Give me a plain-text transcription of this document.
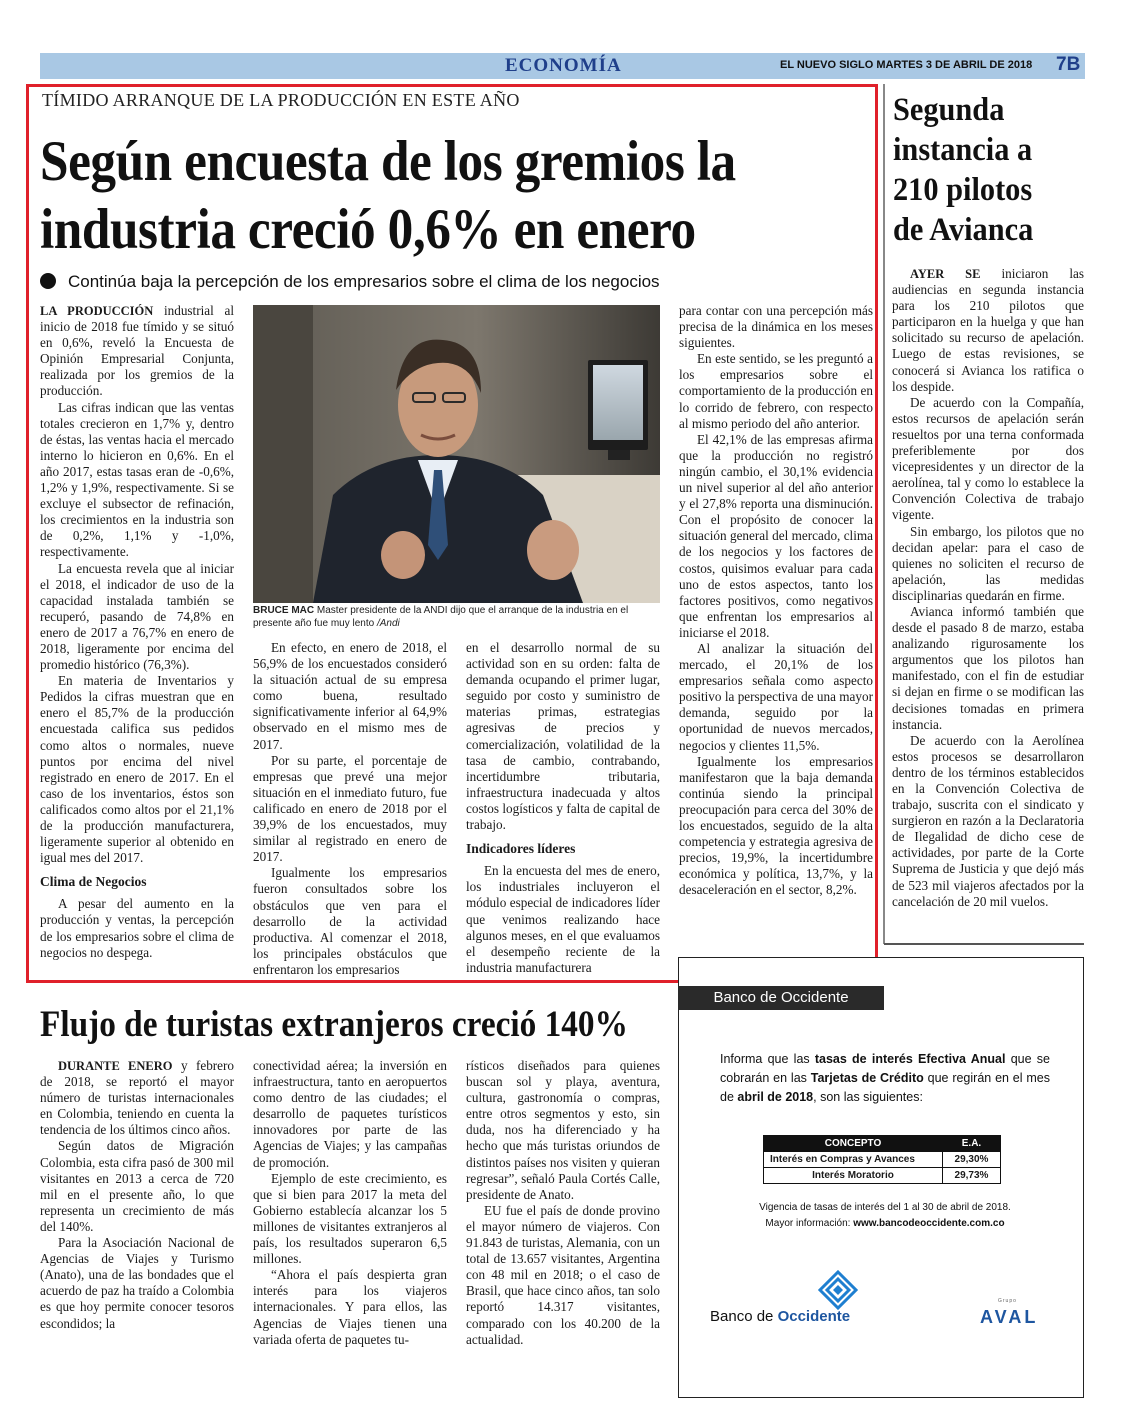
ECONOMÍA	EL NUEVO SIGLO MARTES 3 DE ABRIL DE 2018 7B
TÍMIDO ARRANQUE DE LA PRODUCCIÓN EN ESTE AÑO
Según encuesta de los gremios la
industria creció 0,6% en enero
Continúa baja la percepción de los empresarios sobre el clima de los negocios

LA PRODUCCIÓN industrial al inicio de 2018 fue tímido y se situó en 0,6%, reveló la Encuesta de Opinión Empresarial Conjunta, realizada por los gremios de la producción.

Las cifras indican que las ventas totales crecieron en 1,7% y, dentro de éstas, las ventas hacia el mercado interno lo hicieron en 0,6%. En el año 2017, estas tasas eran de -0,6%, 1,2% y 1,9%, respectivamente. Si se excluye el subsector de refinación, los crecimientos en la industria son de 0,2%, 1,1% y -1,0%, respectivamente.

La encuesta revela que al iniciar el 2018, el indicador de uso de la capacidad instalada también se recuperó, pasando de 74,8% en enero de 2017 a 76,7% en enero de 2018, ligeramente por encima del promedio histórico (76,3%).

En materia de Inventarios y Pedidos la cifras muestran que en enero el 85,7% de la producción encuestada califica sus pedidos como altos o normales, nueve puntos por encima del nivel registrado en enero de 2017. En el caso de los inventarios, éstos son calificados como altos por el 21,1% de la producción manufacturera, ligeramente superior al obtenido en igual mes del 2017.

Clima de Negocios

A pesar del aumento en la producción y ventas, la percepción de los empresarios sobre el clima de negocios no despega.

BRUCE MAC Master presidente de la ANDI dijo que el arranque de la industria en el presente año fue muy lento /Andi

En efecto, en enero de 2018, el 56,9% de los encuestados consideró la situación actual de su empresa como buena, resultado significativamente inferior al 64,9% observado en el mismo mes de 2017.

Por su parte, el porcentaje de empresas que prevé una mejor situación en el inmediato futuro, fue calificado en enero de 2018 por el 39,9% de los encuestados, muy similar al registrado en enero de 2017.

Igualmente los empresarios fueron consultados sobre los obstáculos que ven para el desarrollo de la actividad productiva. Al comenzar el 2018, los principales obstáculos que enfrentaron los empresarios

en el desarrollo normal de su actividad son en su orden: falta de demanda ocupando el primer lugar, seguido por costo y suministro de materias primas, estrategias agresivas de precios y comercialización, volatilidad de la tasa de cambio, contrabando, incertidumbre tributaria, infraestructura inadecuada y altos costos logísticos y falta de capital de trabajo.

Indicadores líderes

En la encuesta del mes de enero, los industriales incluyeron el módulo especial de indicadores líder que venimos realizando hace algunos meses, en el que evaluamos el desempeño reciente de la industria manufacturera

para contar con una percepción más precisa de la dinámica en los meses siguientes.

En este sentido, se les preguntó a los empresarios sobre el comportamiento de la producción en lo corrido de febrero, con respecto al mismo periodo del año anterior.

El 42,1% de las empresas afirma que la producción no registró ningún cambio, el 30,1% evidencia un nivel superior al del año anterior y el 27,8% reporta una disminución. Con el propósito de conocer la situación general del mercado, clima de los negocios y los factores de costos, quisimos evaluar para cada uno de estos aspectos, tanto los factores positivos, como negativos que enfrentan los empresarios al iniciarse el 2018.

Al analizar la situación del mercado, el 20,1% de los empresarios señala como aspecto positivo la perspectiva de una mayor demanda, seguido por la oportunidad de nuevos mercados, negocios y clientes 11,5%.

Igualmente los empresarios manifestaron que la baja demanda continúa siendo la principal preocupación para cerca del 30% de los encuestados, seguido de la alta competencia y estrategia agresiva de precios, 19,9%, la incertidumbre económica y política, 13,7%, y la desaceleración en el sector, 8,2%.

Segunda instancia a 210 pilotos de Avianca

AYER SE iniciaron las audiencias en segunda instancia para los 210 pilotos que participaron en la huelga y que han solicitado su recurso de apelación. Luego de estas revisiones, se conocerá si Avianca los ratifica o los despide.

De acuerdo con la Compañía, estos recursos de apelación serán resueltos por una terna conformada preferiblemente por dos vicepresidentes y un director de la aerolínea, tal y como lo establece la Convención Colectiva de trabajo vigente.

Sin embargo, los pilotos que no decidan apelar: para el caso de quienes no soliciten el recurso de apelación, las medidas disciplinarias quedarán en firme.

Avianca informó también que desde el pasado 8 de marzo, estaba analizando rigurosamente los argumentos que los pilotos han manifestado, con el fin de estudiar si dejan en firme o se modifican las decisiones tomadas en primera instancia.

De acuerdo con la Aerolínea estos procesos se desarrollaron dentro de los términos establecidos en la Convención Colectiva de trabajo, suscrita con el sindicato y surgieron en razón a la Declaratoria de Ilegalidad de dicho cese de actividades, por parte de la Corte Suprema de Justicia y que dejó más de 523 mil viajeros afectados por la cancelación de 20 mil vuelos.

Flujo de turistas extranjeros creció 140%

DURANTE ENERO y febrero de 2018, se reportó el mayor número de turistas internacionales en Colombia, teniendo en cuenta la tendencia de los últimos cinco años.

Según datos de Migración Colombia, esta cifra pasó de 300 mil visitantes en 2013 a cerca de 720 mil en el presente año, lo que representa un crecimiento de más del 140%.

Para la Asociación Nacional de Agencias de Viajes y Turismo (Anato), una de las bondades que el acuerdo de paz ha traído a Colombia es que hoy permite conocer tesoros escondidos; la

conectividad aérea; la inversión en infraestructura, tanto en aeropuertos como dentro de las ciudades; el desarrollo de paquetes turísticos innovadores por parte de las Agencias de Viajes; y las campañas de promoción.

Ejemplo de este crecimiento, es que si bien para 2017 la meta del Gobierno establecía alcanzar los 5 millones de visitantes extranjeros al país, los resultados superaron 6,5 millones.

“Ahora el país despierta gran interés para los viajeros internacionales. Y para ellos, las Agencias de Viajes tienen una variada oferta de paquetes tu-

rísticos diseñados para quienes buscan sol y playa, aventura, cultura, gastronomía o compras, entre otros segmentos y esto, sin duda, nos ha diferenciado y ha hecho que más turistas oriundos de distintos países nos visiten y quieran regresar”, señaló Paula Cortés Calle, presidente de Anato.

EU fue el país de donde provino el mayor número de viajeros. Con 91.843 de turistas, Alemania, con un total de 13.657 visitantes, Argentina con 48 mil en 2018; o el caso de Brasil, que hace cinco años, tan solo reportó 14.317 visitantes, comparado con los 40.200 de la actualidad.

Banco de Occidente
Informa que las tasas de interés Efectiva Anual que se cobrarán en las Tarjetas de Crédito que regirán en el mes de abril de 2018, son las siguientes:
CONCEPTO	E.A.
Interés en Compras y Avances	29,30%
Interés Moratorio	29,73%
Vigencia de tasas de interés del 1 al 30 de abril de 2018.
Mayor información: www.bancodeoccidente.com.co
Banco de Occidente
Grupo
AVAL
